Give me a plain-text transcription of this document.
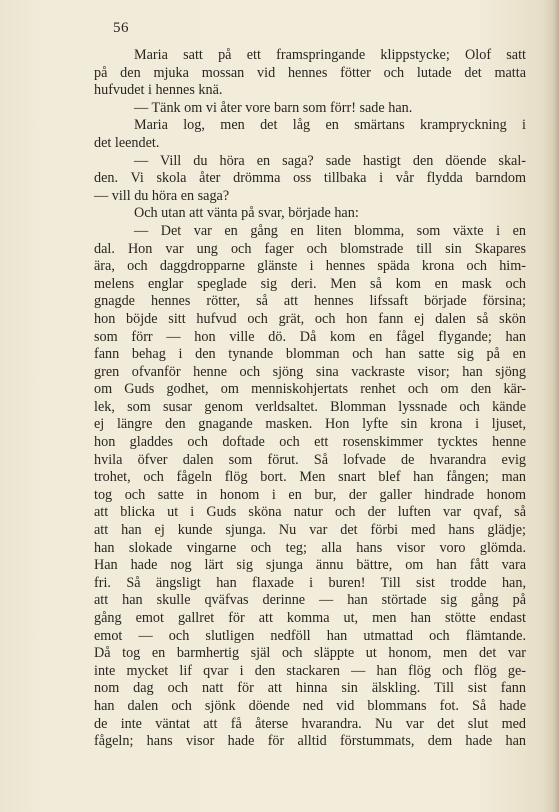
56
Maria satt på ett framspringande klippstycke; Olof satt
på den mjuka mossan vid hennes fötter och lutade det matta
hufvudet i hennes knä.
— Tänk om vi åter vore barn som förr! sade han.
Maria log, men det låg en smärtans krampryckning i
det leendet.
— Vill du höra en saga? sade hastigt den döende skal-
den. Vi skola åter drömma oss tillbaka i vår flydda barndom
— vill du höra en saga?
Och utan att vänta på svar, började han:
— Det var en gång en liten blomma, som växte i en
dal. Hon var ung och fager och blomstrade till sin Skapares
ära, och daggdropparne glänste i hennes späda krona och him-
melens englar speglade sig deri. Men så kom en mask och
gnagde hennes rötter, så att hennes lifssaft började försina;
hon böjde sitt hufvud och grät, och hon fann ej dalen så skön
som förr — hon ville dö. Då kom en fågel flygande; han
fann behag i den tynande blomman och han satte sig på en
gren ofvanför henne och sjöng sina vackraste visor; han sjöng
om Guds godhet, om menniskohjertats renhet och om den kär-
lek, som susar genom verldsaltet. Blomman lyssnade och kände
ej längre den gnagande masken. Hon lyfte sin krona i ljuset,
hon gladdes och doftade och ett rosenskimmer tycktes henne
hvila öfver dalen som förut. Så lofvade de hvarandra evig
trohet, och fågeln flög bort. Men snart blef han fången; man
tog och satte in honom i en bur, der galler hindrade honom
att blicka ut i Guds sköna natur och der luften var qvaf, så
att han ej kunde sjunga. Nu var det förbi med hans glädje;
han slokade vingarne och teg; alla hans visor voro glömda.
Han hade nog lärt sig sjunga ännu bättre, om han fått vara
fri. Så ängsligt han flaxade i buren! Till sist trodde han,
att han skulle qväfvas derinne — han störtade sig gång på
gång emot gallret för att komma ut, men han stötte endast
emot — och slutligen nedföll han utmattad och flämtande.
Då tog en barmhertig själ och släppte ut honom, men det var
inte mycket lif qvar i den stackaren — han flög och flög ge-
nom dag och natt för att hinna sin älskling. Till sist fann
han dalen och sjönk döende ned vid blommans fot. Så hade
de inte väntat att få återse hvarandra. Nu var det slut med
fågeln; hans visor hade för alltid förstummats, dem hade han
